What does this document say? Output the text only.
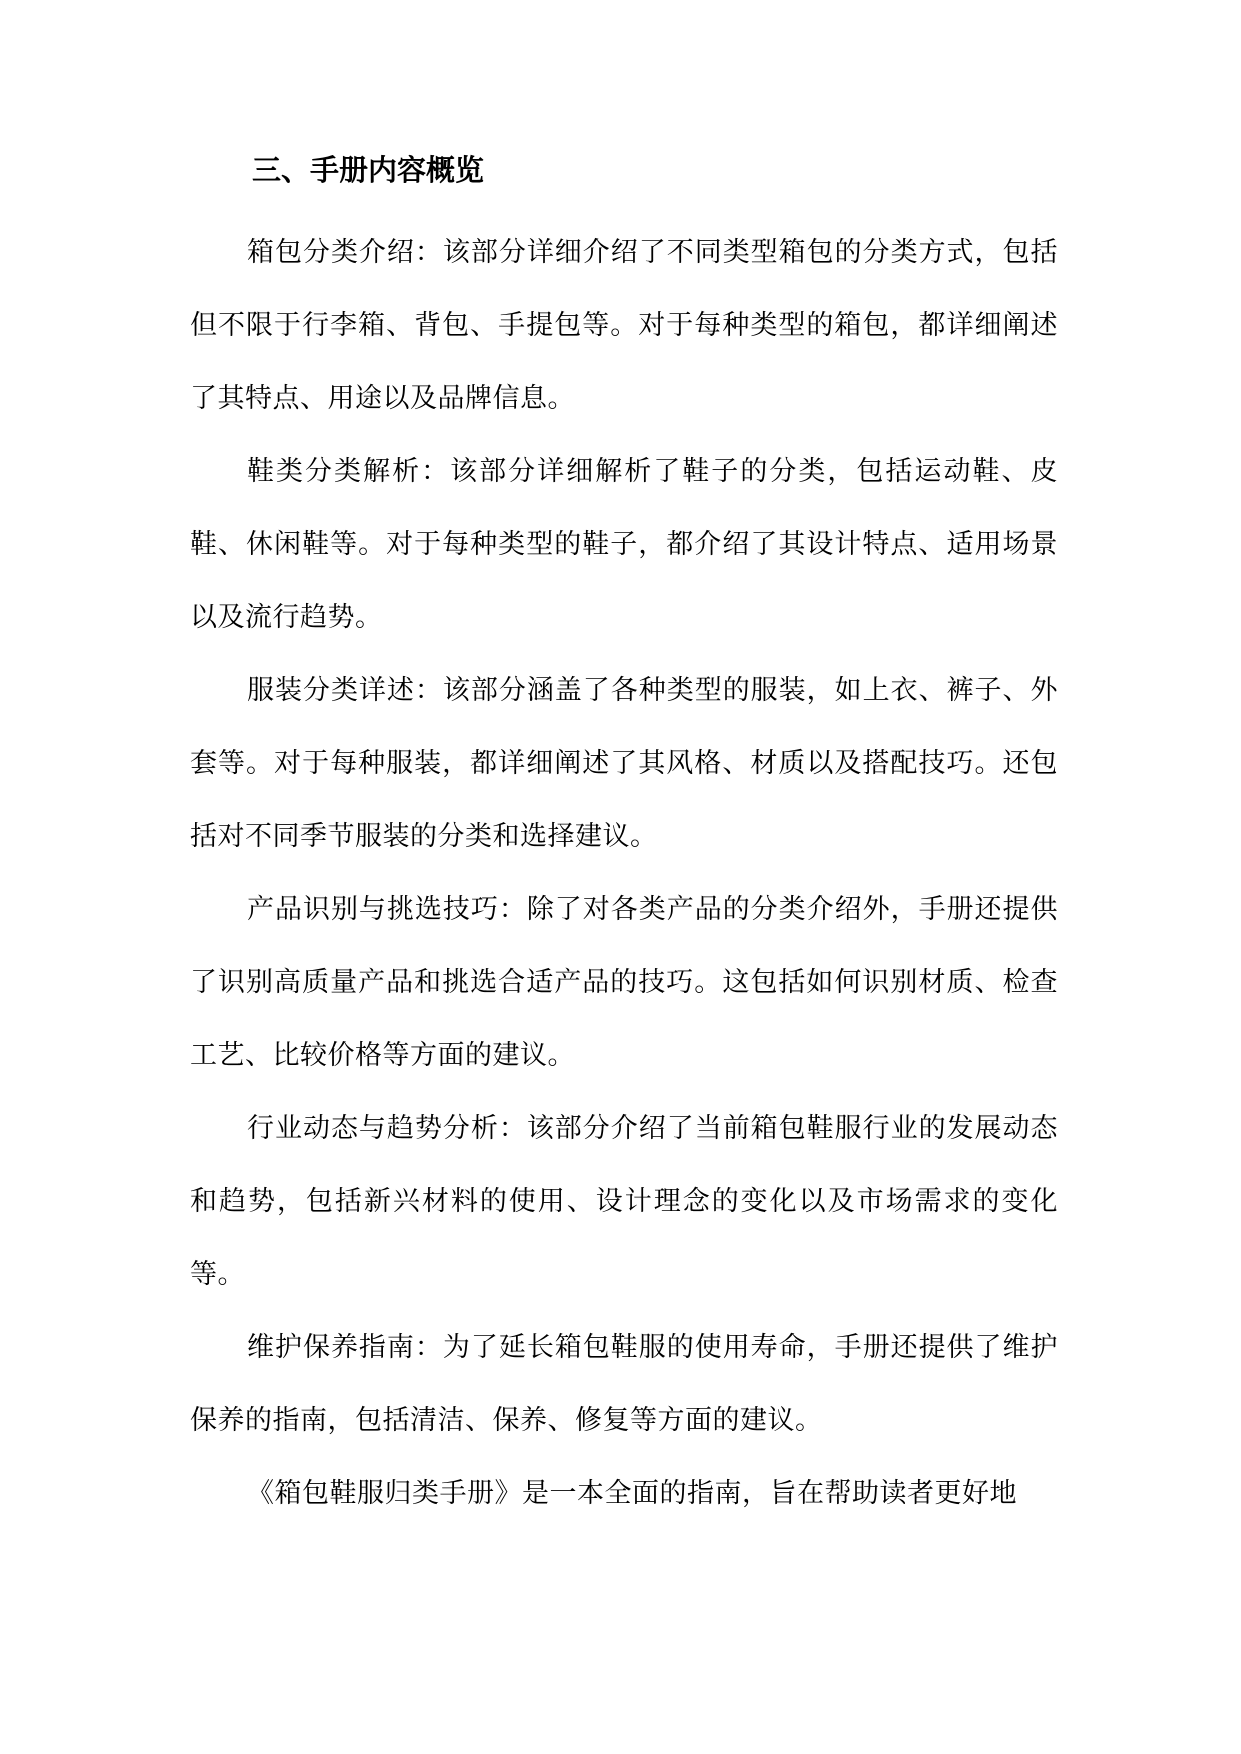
三、手册内容概览

箱包分类介绍：该部分详细介绍了不同类型箱包的分类方式，包括但不限于行李箱、背包、手提包等。对于每种类型的箱包，都详细阐述了其特点、用途以及品牌信息。

鞋类分类解析：该部分详细解析了鞋子的分类，包括运动鞋、皮鞋、休闲鞋等。对于每种类型的鞋子，都介绍了其设计特点、适用场景以及流行趋势。

服装分类详述：该部分涵盖了各种类型的服装，如上衣、裤子、外套等。对于每种服装，都详细阐述了其风格、材质以及搭配技巧。还包括对不同季节服装的分类和选择建议。

产品识别与挑选技巧：除了对各类产品的分类介绍外，手册还提供了识别高质量产品和挑选合适产品的技巧。这包括如何识别材质、检查工艺、比较价格等方面的建议。

行业动态与趋势分析：该部分介绍了当前箱包鞋服行业的发展动态和趋势，包括新兴材料的使用、设计理念的变化以及市场需求的变化等。

维护保养指南：为了延长箱包鞋服的使用寿命，手册还提供了维护保养的指南，包括清洁、保养、修复等方面的建议。

《箱包鞋服归类手册》是一本全面的指南，旨在帮助读者更好地
